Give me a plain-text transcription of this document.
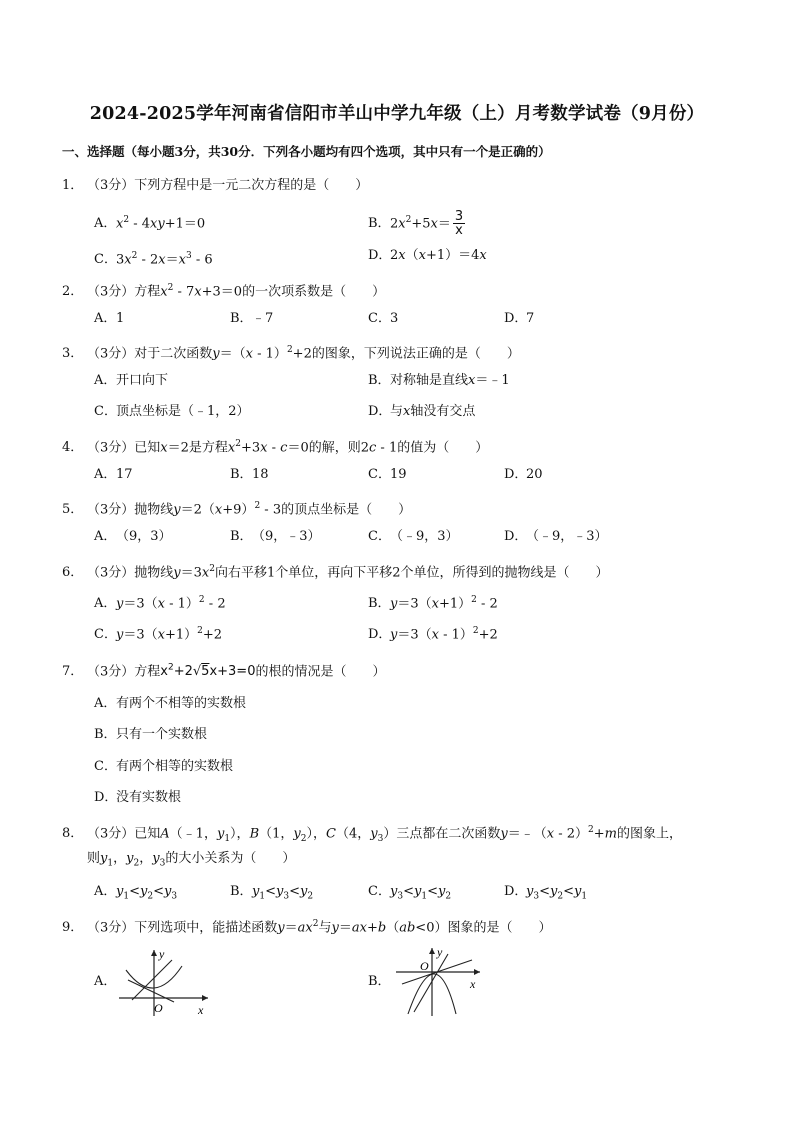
2024-2025学年河南省信阳市羊山中学九年级（上）月考数学试卷（9月份）
一、选择题（每小题3分，共30分．下列各小题均有四个选项，其中只有一个是正确的）
1． （3分）下列方程中是一元二次方程的是（　　）
A．$x^2 - 4xy+1=0$	B．$2x^2+5x= \frac{3}{x}$
C．$3x^2 - 2x=x^3 - 6$	D．2x（x+1）＝4x
2． （3分）方程$x^2 - 7x+3=0$的一次项系数是（　　）
A．1	B．﹣7	C．3	D．7
3． （3分）对于二次函数y＝（x - 1）$^2$+2的图象，下列说法正确的是（　　）
A．开口向下	B．对称轴是直线x＝﹣1
C．顶点坐标是（﹣1，2）	D．与x轴没有交点
4． （3分）已知x＝2是方程$x^2+3x - c=0$的解，则2c - 1的值为（　　）
A．17	B．18	C．19	D．20
5． （3分）抛物线$y=2(x+9)^2 - 3$的顶点坐标是（　　）
A．（9，3）	B．（9，﹣3）	C．（﹣9，3）	D．（﹣9，﹣3）
6． （3分）抛物线$y=3x^2$向右平移1个单位，再向下平移2个单位，所得到的抛物线是（　　）
A．y＝3（x - 1）$^2$ - 2	B．$y=3(x+1)^2 - 2$
C．$y=3(x+1)^2+2$	D．y＝3（x - 1）$^2$+2
7． （3分）方程$x^2+2√5x+3=0$的根的情况是（　　）
A．有两个不相等的实数根
B．只有一个实数根
C．有两个相等的实数根
D．没有实数根
8． （3分）已知A（﹣1，$y_1$），B（1，$y_2$），C（4，$y_3$）三点都在二次函数y＝﹣（x - 2）$^2$+m的图象上，
则$y_1$，$y_2$，$y_3$的大小关系为（　　）
A．$y_1<y_2<y_3$	B．$y_1<y_3<y_2$	C．$y_3<y_1<y_2$	D．$y_3<y_2<y_1$
9． （3分）下列选项中，能描述函数$y=ax^2$与y＝ax+b（ab<0）图象的是（　　）
A．
y
x
O
B．
y
x
O
